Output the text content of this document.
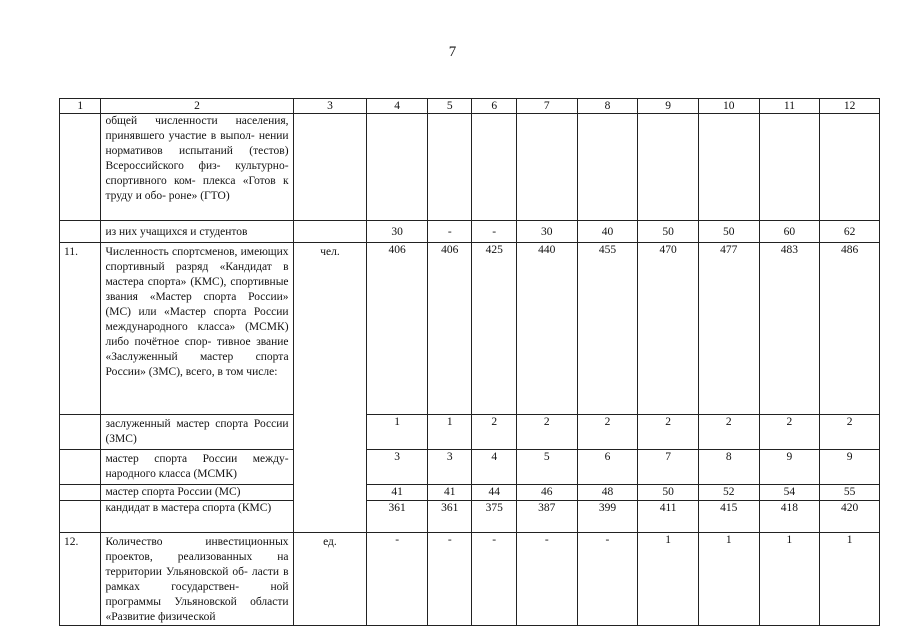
7
1	2	3	4	5	6	7	8	9	10	11	12
	общей численности населения, принявшего участие в выпол- нении нормативов испытаний (тестов) Всероссийского физ- культурно-спортивного ком- плекса «Готов к труду и обо- роне» (ГТО)										
	из них учащихся и студентов		30	-	-	30	40	50	50	60	62
11.	Численность спортсменов, имеющих спортивный разряд «Кандидат в мастера спорта» (КМС), спортивные звания «Мастер спорта России» (МС) или «Мастер спорта России международного класса» (МСМК) либо почётное спор- тивное звание «Заслуженный мастер спорта России» (ЗМС), всего, в том числе:	чел.	406	406	425	440	455	470	477	483	486
	заслуженный мастер спорта России (ЗМС)		1	1	2	2	2	2	2	2	2
	мастер спорта России между- народного класса (МСМК)		3	3	4	5	6	7	8	9	9
	мастер спорта России (МС)		41	41	44	46	48	50	52	54	55
	кандидат в мастера спорта (КМС)		361	361	375	387	399	411	415	418	420
12.	Количество инвестиционных проектов, реализованных на территории Ульяновской об- ласти в рамках государствен- ной программы Ульяновской области «Развитие физической	ед.	-	-	-	-	-	1	1	1	1
